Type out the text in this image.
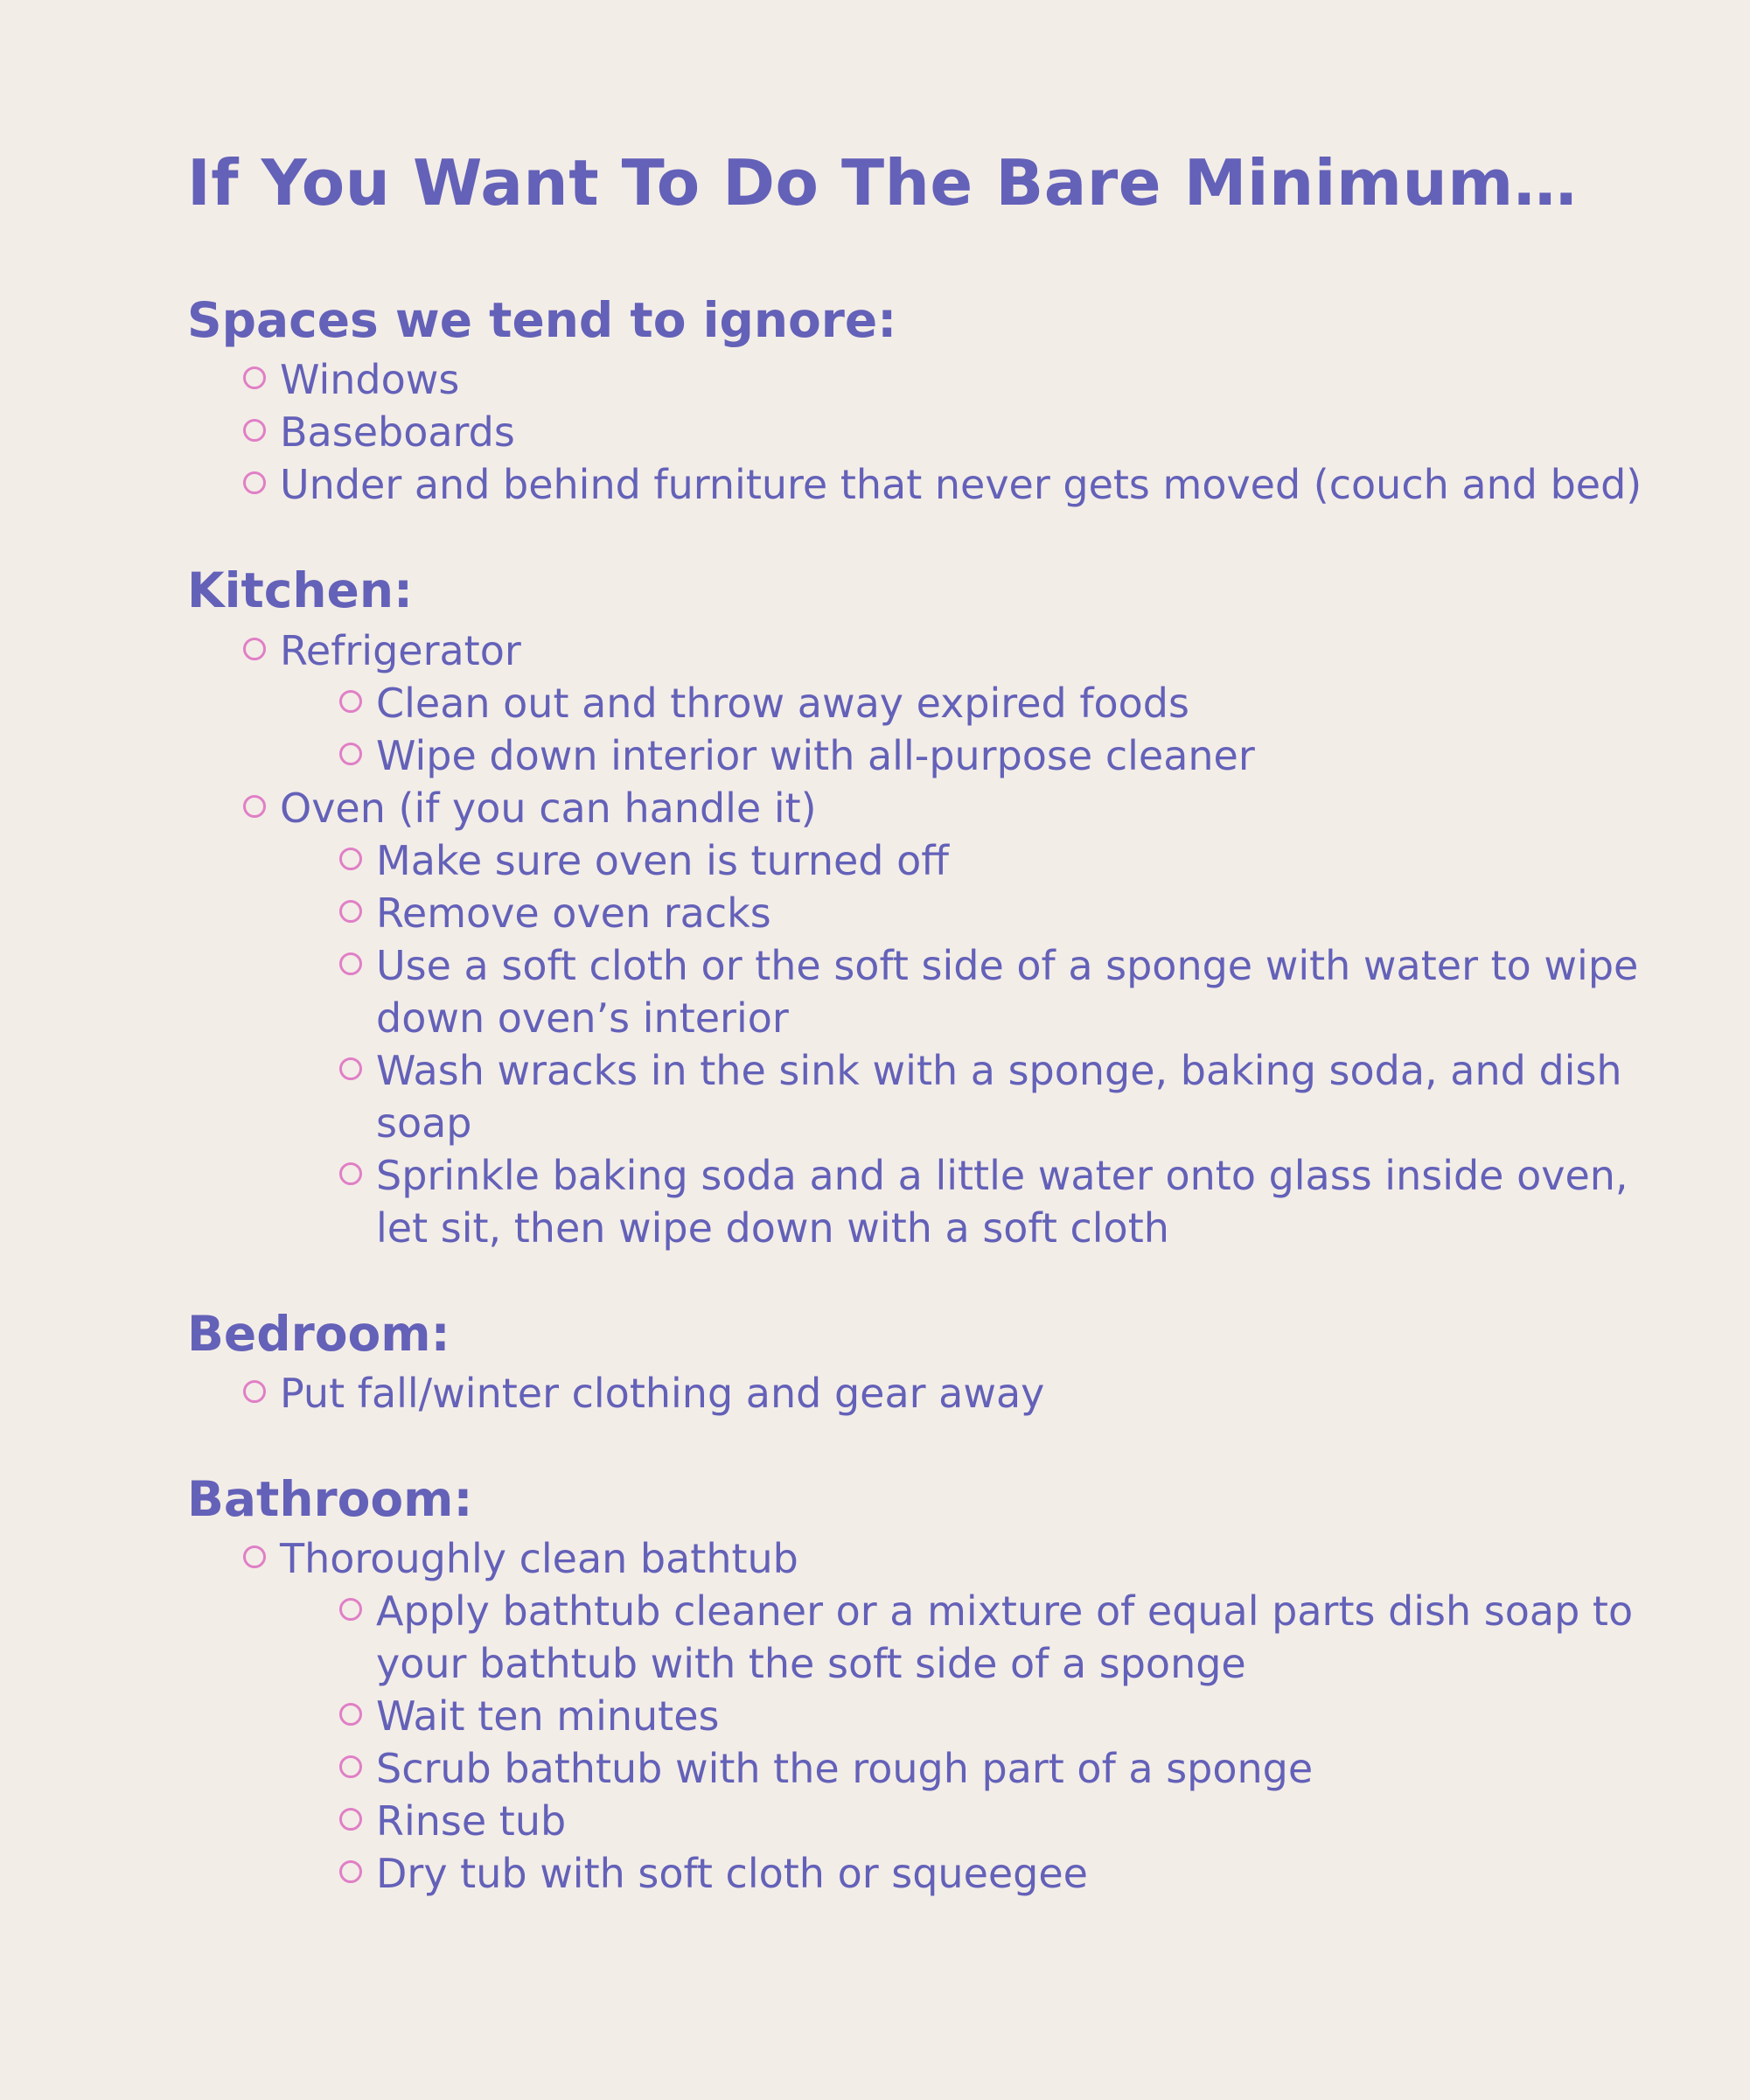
If You Want To Do The Bare Minimum…
Spaces we tend to ignore:
Windows
Baseboards
Under and behind furniture that never gets moved (couch and bed)
Kitchen:
Refrigerator
Clean out and throw away expired foods
Wipe down interior with all-purpose cleaner
Oven (if you can handle it)
Make sure oven is turned off
Remove oven racks
Use a soft cloth or the soft side of a sponge with water to wipe down oven’s interior
Wash wracks in the sink with a sponge, baking soda, and dish soap
Sprinkle baking soda and a little water onto glass inside oven, let sit, then wipe down with a soft cloth
Bedroom:
Put fall/winter clothing and gear away
Bathroom:
Thoroughly clean bathtub
Apply bathtub cleaner or a mixture of equal parts dish soap to your bathtub with the soft side of a sponge
Wait ten minutes
Scrub bathtub with the rough part of a sponge
Rinse tub
Dry tub with soft cloth or squeegee
